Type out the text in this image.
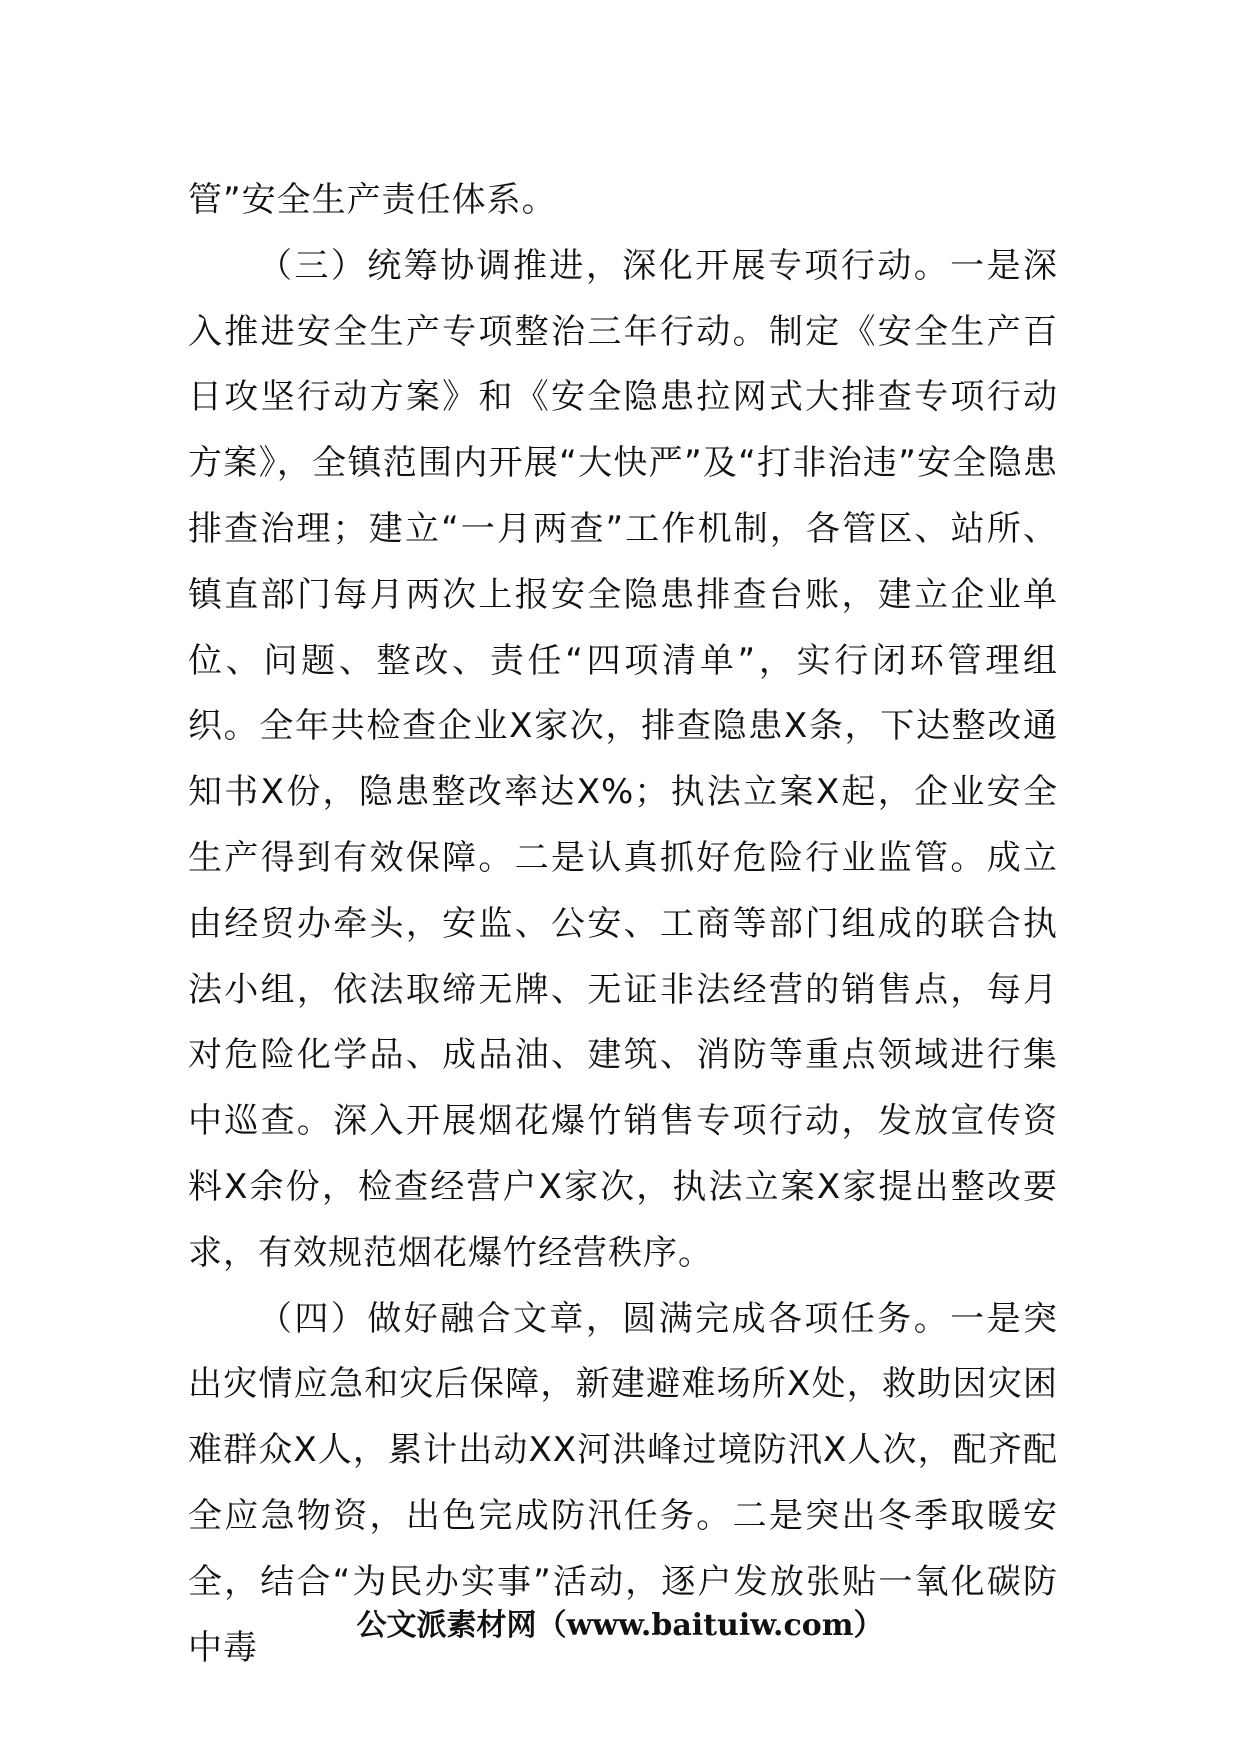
管”安全生产责任体系。

（三）统筹协调推进，深化开展专项行动。一是深入推进安全生产专项整治三年行动。制定《安全生产百日攻坚行动方案》和《安全隐患拉网式大排查专项行动方案》，全镇范围内开展“大快严”及“打非治违”安全隐患排查治理；建立“一月两查”工作机制，各管区、站所、镇直部门每月两次上报安全隐患排查台账，建立企业单位、问题、整改、责任“四项清单”，实行闭环管理组织。全年共检查企业X家次，排查隐患X条，下达整改通知书X份，隐患整改率达X%；执法立案X起，企业安全生产得到有效保障。二是认真抓好危险行业监管。成立由经贸办牵头，安监、公安、工商等部门组成的联合执法小组，依法取缔无牌、无证非法经营的销售点，每月对危险化学品、成品油、建筑、消防等重点领域进行集中巡查。深入开展烟花爆竹销售专项行动，发放宣传资料X余份，检查经营户X家次，执法立案X家提出整改要求，有效规范烟花爆竹经营秩序。

（四）做好融合文章，圆满完成各项任务。一是突出灾情应急和灾后保障，新建避难场所X处，救助因灾困难群众X人，累计出动XX河洪峰过境防汛X人次，配齐配全应急物资，出色完成防汛任务。二是突出冬季取暖安全，结合“为民办实事”活动，逐户发放张贴一氧化碳防中毒

公文派素材网（www.baituiw.com）
